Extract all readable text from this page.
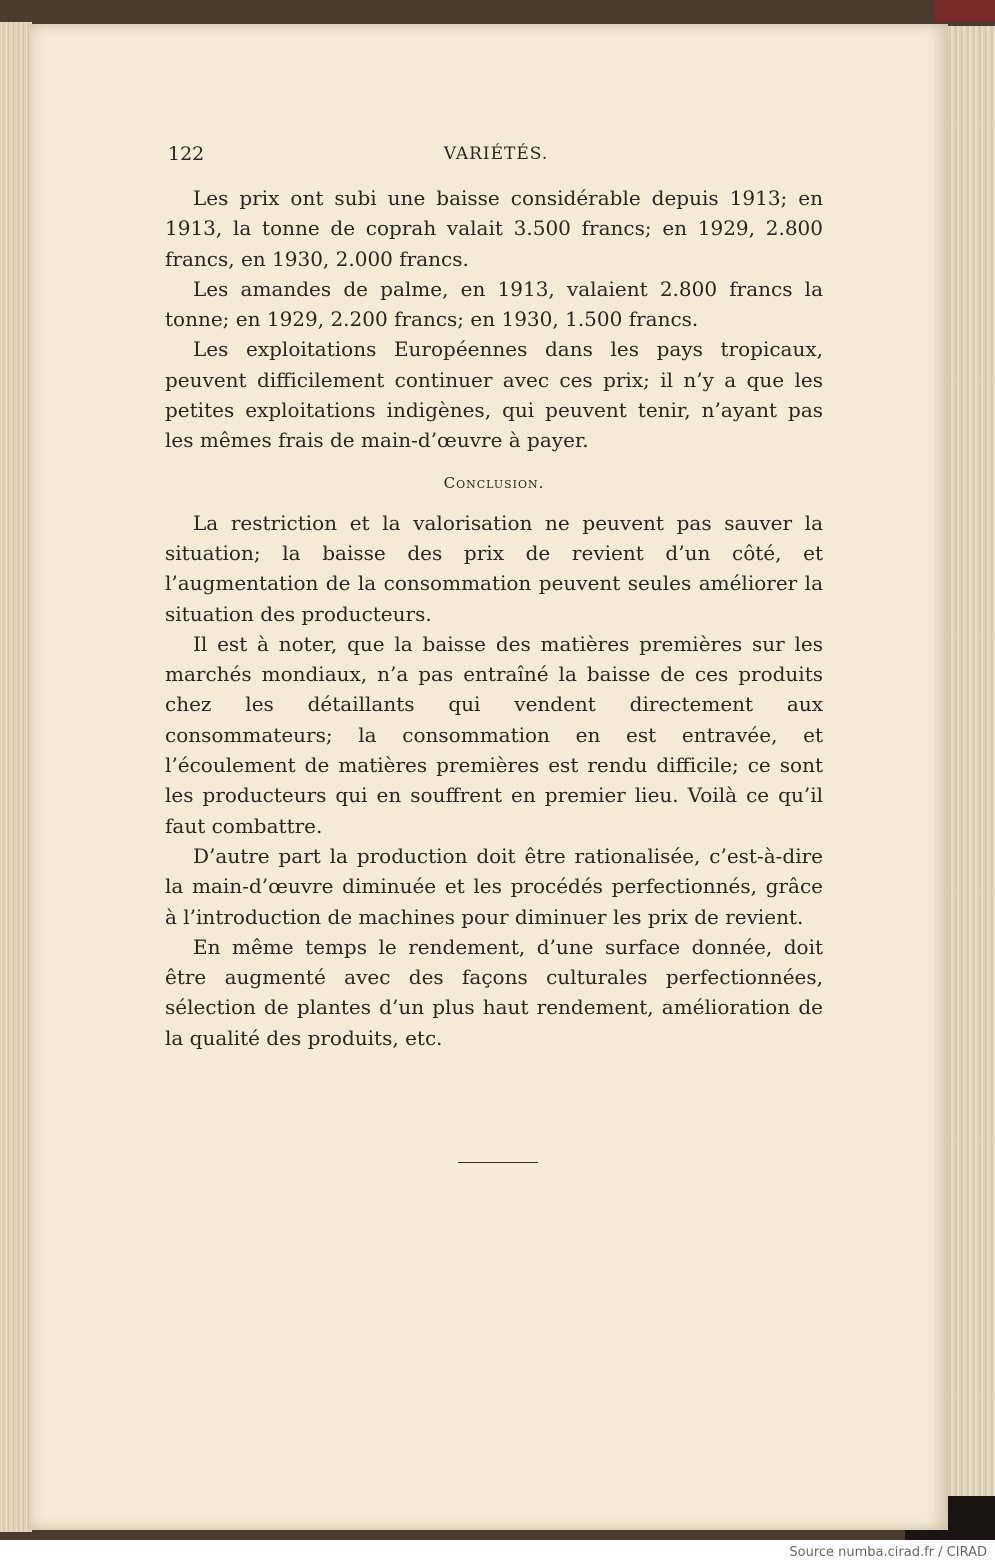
122	VARIÉTÉS.

Les prix ont subi une baisse considérable depuis 1913; en 1913, la tonne de coprah valait 3.500 francs; en 1929, 2.800 francs, en 1930, 2.000 francs.

Les amandes de palme, en 1913, valaient 2.800 francs la tonne; en 1929, 2.200 francs; en 1930, 1.500 francs.

Les exploitations Européennes dans les pays tropicaux, peuvent difficilement continuer avec ces prix; il n’y a que les petites exploitations indigènes, qui peuvent tenir, n’ayant pas les mêmes frais de main-d’œuvre à payer.

Conclusion.

La restriction et la valorisation ne peuvent pas sauver la situation; la baisse des prix de revient d’un côté, et l’augmentation de la consommation peuvent seules améliorer la situation des producteurs.

Il est à noter, que la baisse des matières premières sur les marchés mondiaux, n’a pas entraîné la baisse de ces produits chez les détaillants qui vendent directement aux consommateurs; la consommation en est entravée, et l’écoulement de matières premières est rendu difficile; ce sont les producteurs qui en souffrent en premier lieu. Voilà ce qu’il faut combattre.

D’autre part la production doit être rationalisée, c’est-à-dire la main-d’œuvre diminuée et les procédés perfectionnés, grâce à l’introduction de machines pour diminuer les prix de revient.

En même temps le rendement, d’une surface donnée, doit être augmenté avec des façons culturales perfectionnées, sélection de plantes d’un plus haut rendement, amélioration de la qualité des produits, etc.

Source numba.cirad.fr / CIRAD
